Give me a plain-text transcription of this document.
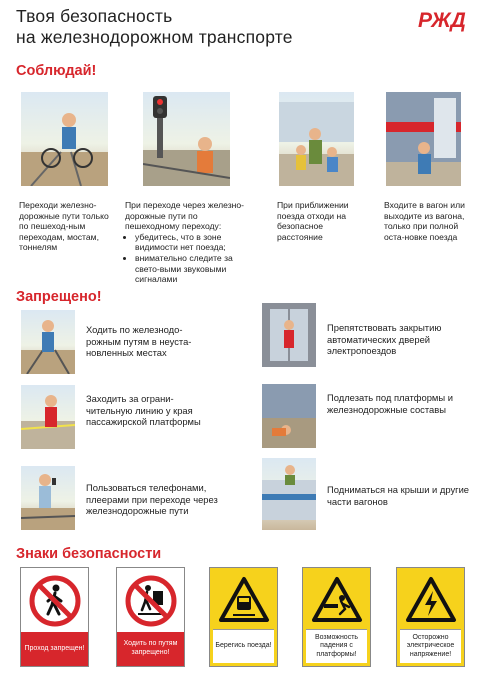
Твоя безопасность
на железнодорожном транспорте
РЖД
Соблюдай!
Переходи железно-дорожные пути только по пешеход-ным переходам, мостам, тоннелям
При переходе через железно-дорожные пути по пешеходному переходу:
• убедитесь, что в зоне видимости нет поезда;
• внимательно следите за свето-выми звуковыми сигналами
При приближении поезда отходи на безопасное расстояние
Входите в вагон или выходите из вагона, только при полной оста-новке поезда
Запрещено!
Ходить по железнодо-рожным путям в неуста-новленных местах
Заходить за ограни-чительную линию у края пассажирской платформы
Пользоваться телефонами, плеерами при переходе через железнодорожные пути
Препятствовать закрытию автоматических дверей электропоездов
Подлезать под платформы и железнодорожные составы
Подниматься на крыши и другие части вагонов
Знаки безопасности
Проход запрещен!
Ходить по путям запрещено!
Берегись поезда!
Возможность падения с платформы!
Осторожно электрическое напряжение!
